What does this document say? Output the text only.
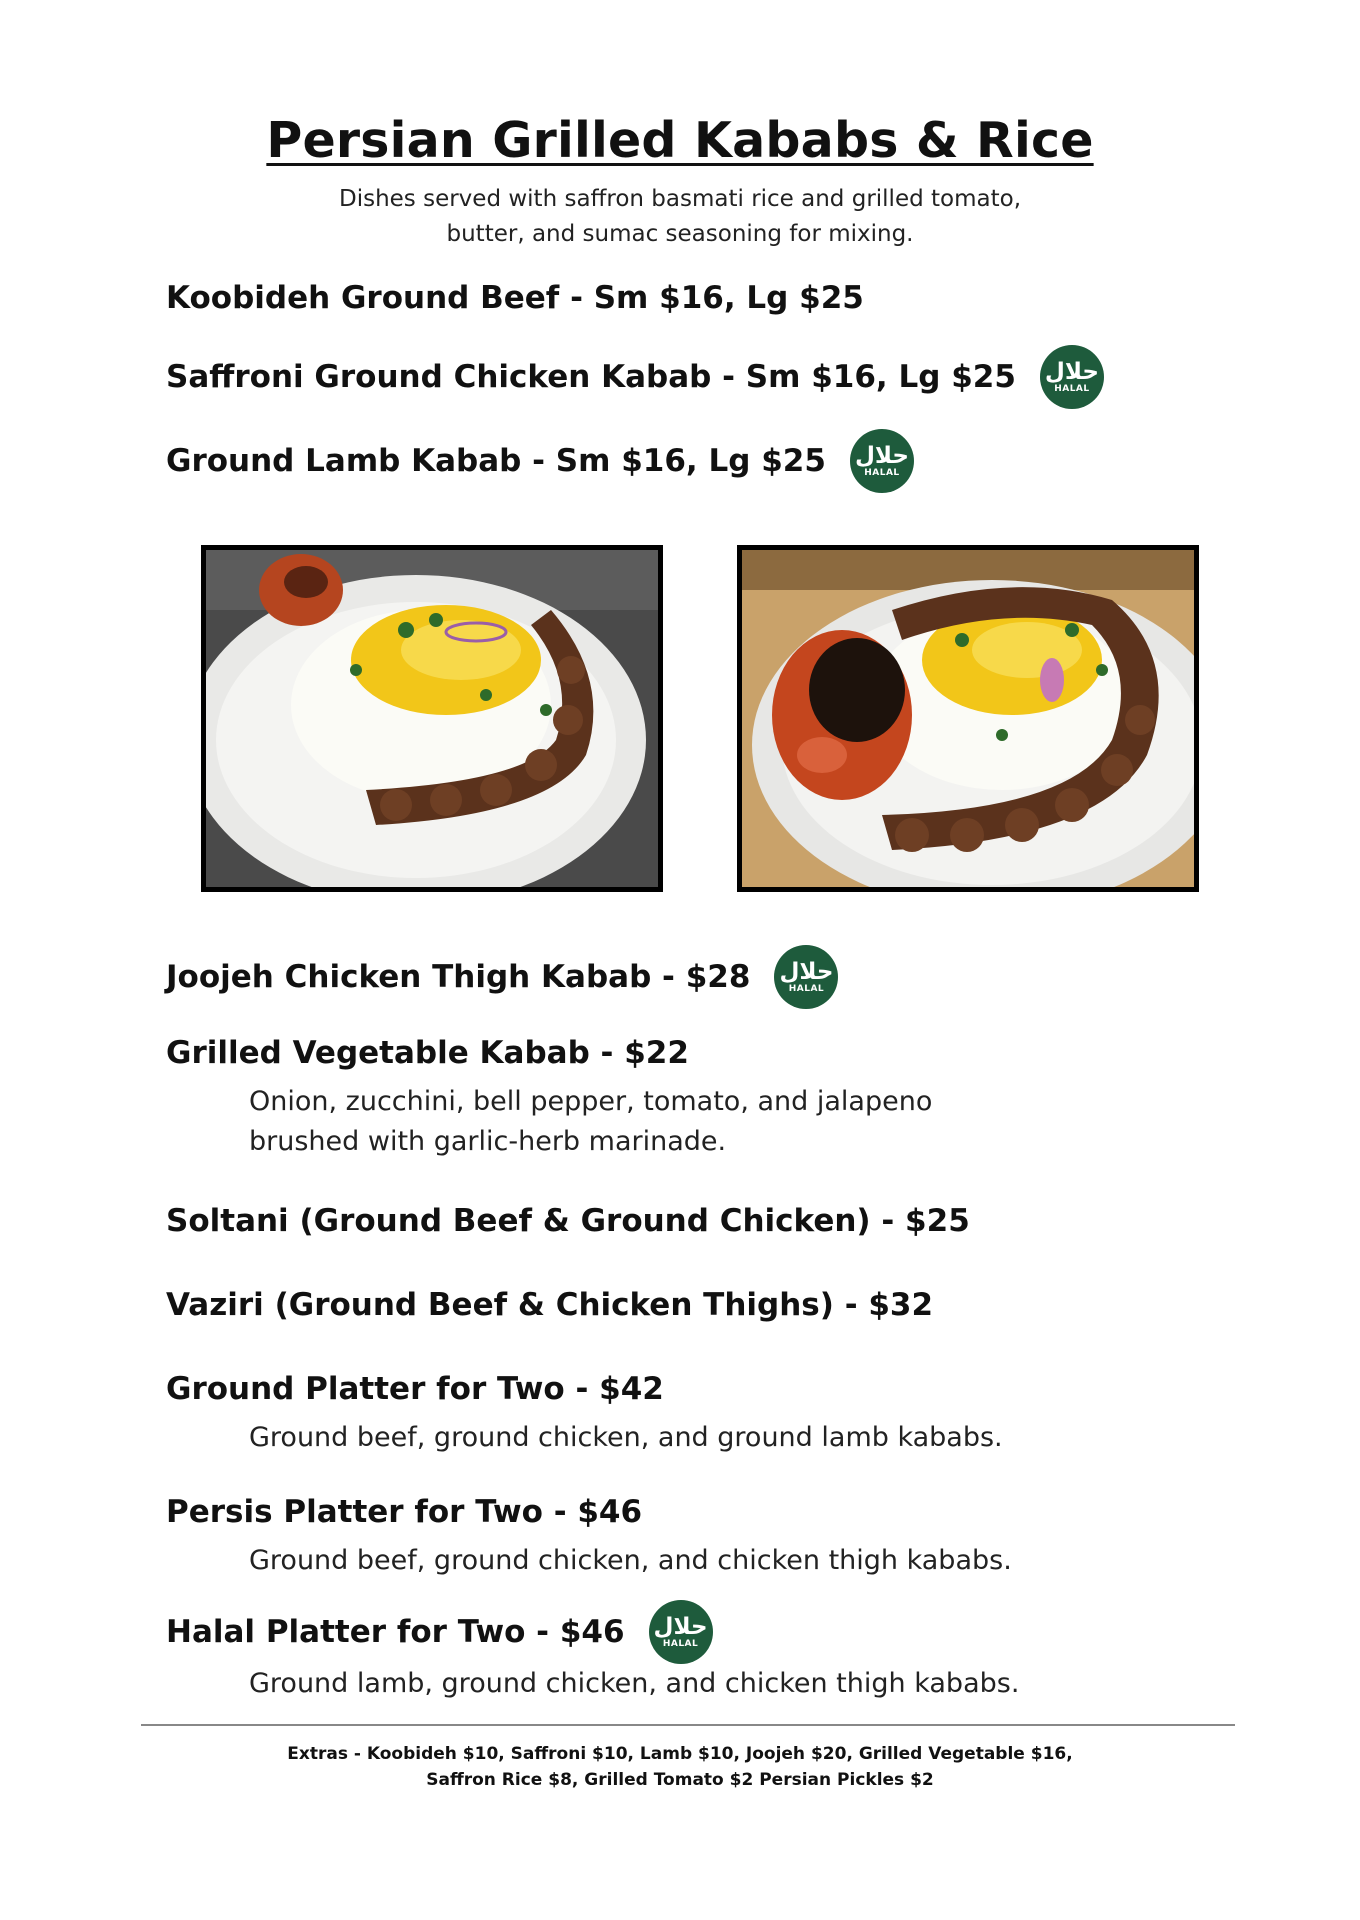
Persian Grilled Kababs & Rice
Dishes served with saffron basmati rice and grilled tomato,
butter, and sumac seasoning for mixing.
Koobideh Ground Beef - Sm $16, Lg $25
Saffroni Ground Chicken Kabab - Sm $16, Lg $25 حلال
HALAL
Ground Lamb Kabab - Sm $16, Lg $25 حلال
HALAL
Joojeh Chicken Thigh Kabab - $28 حلال
HALAL
Grilled Vegetable Kabab - $22
Onion, zucchini, bell pepper, tomato, and jalapeno
brushed with garlic-herb marinade.
Soltani (Ground Beef & Ground Chicken) - $25
Vaziri (Ground Beef & Chicken Thighs) - $32
Ground Platter for Two - $42
Ground beef, ground chicken, and ground lamb kababs.
Persis Platter for Two - $46
Ground beef, ground chicken, and chicken thigh kababs.
Halal Platter for Two - $46 حلال
HALAL
Ground lamb, ground chicken, and chicken thigh kababs.
Extras - Koobideh $10, Saffroni $10, Lamb $10, Joojeh $20, Grilled Vegetable $16,
Saffron Rice $8, Grilled Tomato $2 Persian Pickles $2
